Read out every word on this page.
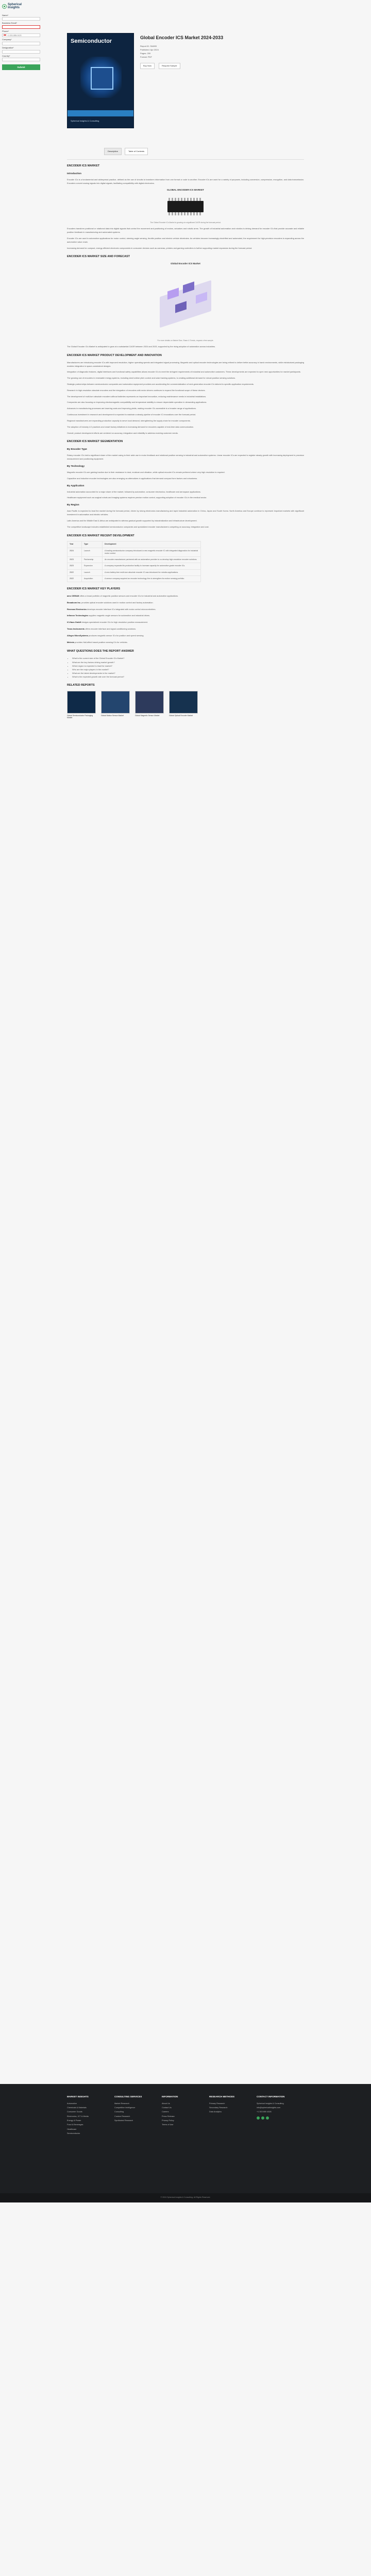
Spherical
Insights
Name*
Business Email*
Phone*
+1 201-555-0123
Company*
Designation*
Country*
Submit
Semiconductor
Spherical Insights & Consulting
Global Encoder ICS Market 2024-2033
Report ID: SI4893
Published: Apr 2024
Pages: 200
Format: PDF
Buy Now	Request Sample
Description	Table of Contents
ENCODER ICS MARKET
Introduction

Encoder ICs is a fundamental and widespread practice, defined as the use of circuits to transform information from one format or code to another. Encoder ICs are used for a variety of purposes, including conversion, compression, encryption, and data transmission. Encoders convert analog signals into digital signals, facilitating compatibility with digital electronics.

GLOBAL ENCODER ICS MARKET
The Global Encoder ICs Market is growing at a significant CAGR during the forecast period.

Encoders transform positional or rotational data into digital signals that control the movement and positioning of motors, actuators and robotic arms. The growth of industrial automation and robotics is driving demand for encoder ICs that provide accurate and reliable position feedback in manufacturing and automated systems.

Encoder ICs are used in automotive applications for motor control, steering angle sensing, throttle position and electric vehicle drivetrains. As vehicles become increasingly electrified and automated, the requirement for high-precision encoders is expanding across the automotive value chain.

Increasing demand for compact, energy-efficient electronic components in consumer devices such as cameras, printers and gaming controllers is further supporting market expansion during the forecast period.

ENCODER ICS MARKET SIZE AND FORECAST
Global Encoder ICS Market
For more details on Market Size, Share & Trends, request a free sample.

The Global Encoder ICs Market is anticipated to grow at a substantial CAGR between 2024 and 2033, supported by the rising adoption of automation across industries.

ENCODER ICS MARKET PRODUCT DEVELOPMENT AND INNOVATION

Manufacturers are introducing encoder ICs with improved resolution, higher operating speeds and integrated signal processing. Magnetic and optical encoder technologies are being refined to deliver better accuracy in harsh environments, while miniaturized packaging enables integration in space-constrained designs.

Integration of diagnostic features, digital interfaces and functional safety capabilities allows encoder ICs to meet the stringent requirements of industrial and automotive customers. These developments are expected to open new opportunities for market participants.

The growing use of encoders in renewable energy systems, including wind turbine pitch control and solar tracking systems, is creating additional demand for robust position sensing solutions.

Strategic partnerships between semiconductor companies and automation equipment providers are accelerating the commercialization of next-generation encoder ICs tailored to specific application requirements.

Research in high-resolution absolute encoders and the integration of encoders with motor drivers continues to expand the functional scope of these devices.

The development of multi-turn absolute encoders without batteries represents an important innovation, reducing maintenance needs in industrial installations.

Companies are also focusing on improving electromagnetic compatibility and temperature stability to ensure dependable operation in demanding applications.

Advances in manufacturing processes are lowering costs and improving yields, making encoder ICs accessible to a broader range of applications.

Continuous investment in research and development is expected to maintain a steady pipeline of encoder IC innovations over the forecast period.

Regional manufacturers are expanding production capacity to serve local demand, strengthening the supply chain for encoder components.

The adoption of Industry 4.0 practices and smart factory initiatives is increasing demand for encoders capable of real-time data communication.

Overall, product development efforts are centered on accuracy, integration and reliability to address evolving customer needs.

ENCODER ICS MARKET SEGMENTATION
By Encoder Type

Rotary encoder ICs held a significant share of the market owing to their wide use in motor feedback and rotational position sensing in industrial and automotive systems. Linear encoder ICs are expected to register steady growth with increasing deployment in precision measurement and positioning equipment.

By Technology

Magnetic encoder ICs are gaining traction due to their resistance to dust, moisture and vibration, while optical encoder ICs remain preferred where very high resolution is required.

Capacitive and inductive encoder technologies are also emerging as alternatives in applications that demand compact form factors and robustness.

By Application

Industrial automation accounted for a major share of the market, followed by automotive, consumer electronics, healthcare and aerospace applications.

Healthcare equipment such as surgical robots and imaging systems requires precise motion control, supporting adoption of encoder ICs in the medical sector.

By Region

Asia Pacific is expected to lead the market during the forecast period, driven by strong electronics manufacturing and rapid industrial automation in China, Japan and South Korea. North America and Europe continue to represent important markets with significant investment in automation and electric vehicles.

Latin America and the Middle East & Africa are anticipated to witness gradual growth supported by industrialization and infrastructure development.

The competitive landscape includes established semiconductor companies and specialized encoder manufacturers competing on accuracy, integration and cost.

ENCODER ICS MARKET RECENT DEVELOPMENT
Year	Type	Development
2024	Launch	A leading semiconductor company introduced a new magnetic encoder IC with integrated diagnostics for industrial motor control.
2023	Partnership	An encoder manufacturer partnered with an automation provider to co-develop high-resolution encoder solutions.
2023	Expansion	A company expanded its production facility to increase capacity for automotive-grade encoder ICs.
2022	Launch	A new battery-free multi-turn absolute encoder IC was introduced for robotics applications.
2022	Acquisition	A sensor company acquired an encoder technology firm to strengthen its motion sensing portfolio.
ENCODER ICS MARKET KEY PLAYERS

ams OSRAM offers a broad portfolio of magnetic position sensors and encoder ICs for industrial and automotive applications.

Broadcom Inc. provides optical encoder solutions used in motion control and factory automation.

Renesas Electronics develops encoder interface ICs integrated with motor control microcontrollers.

Infineon Technologies supplies magnetic angle sensors for automotive and industrial drives.

iC-Haus GmbH designs specialized encoder ICs for high-resolution position measurement.

Texas Instruments offers encoder interface and signal conditioning solutions.

Allegro MicroSystems produces magnetic sensor ICs for position and speed sensing.

Melexis provides Hall-effect based position sensing ICs for vehicles.

WHAT QUESTIONS DOES THE REPORT ANSWER
• What is the current size of the Global Encoder ICs Market?
• What are the key factors driving market growth?
• Which region is expected to lead the market?
• Who are the major players in the market?
• What are the latest developments in the market?
• What is the expected growth rate over the forecast period?
RELATED REPORTS
Global Semiconductor Packaging Market
Global Motion Sensor Market	Global Magnetic Sensor Market	Global Optical Encoder Market
MARKET INSIGHTS
Automotive
Chemicals & Materials
Consumer Goods
Electronics, ICT & Media
Energy & Power
Food & Beverages
Healthcare
Semiconductor
CONSULTING SERVICES
Market Research
Competitive Intelligence
Consulting
Custom Research
Syndicated Research
INFORMATION
About Us
Contact Us
Careers
Press Release
Privacy Policy
Terms of Use
RESEARCH METHODS
Primary Research
Secondary Research
Data Analytics
CONTACT INFORMATION
Spherical Insights & Consulting
info@sphericalinsights.com
+1 303 800 4326
© 2024 Spherical Insights & Consulting. All Rights Reserved.
